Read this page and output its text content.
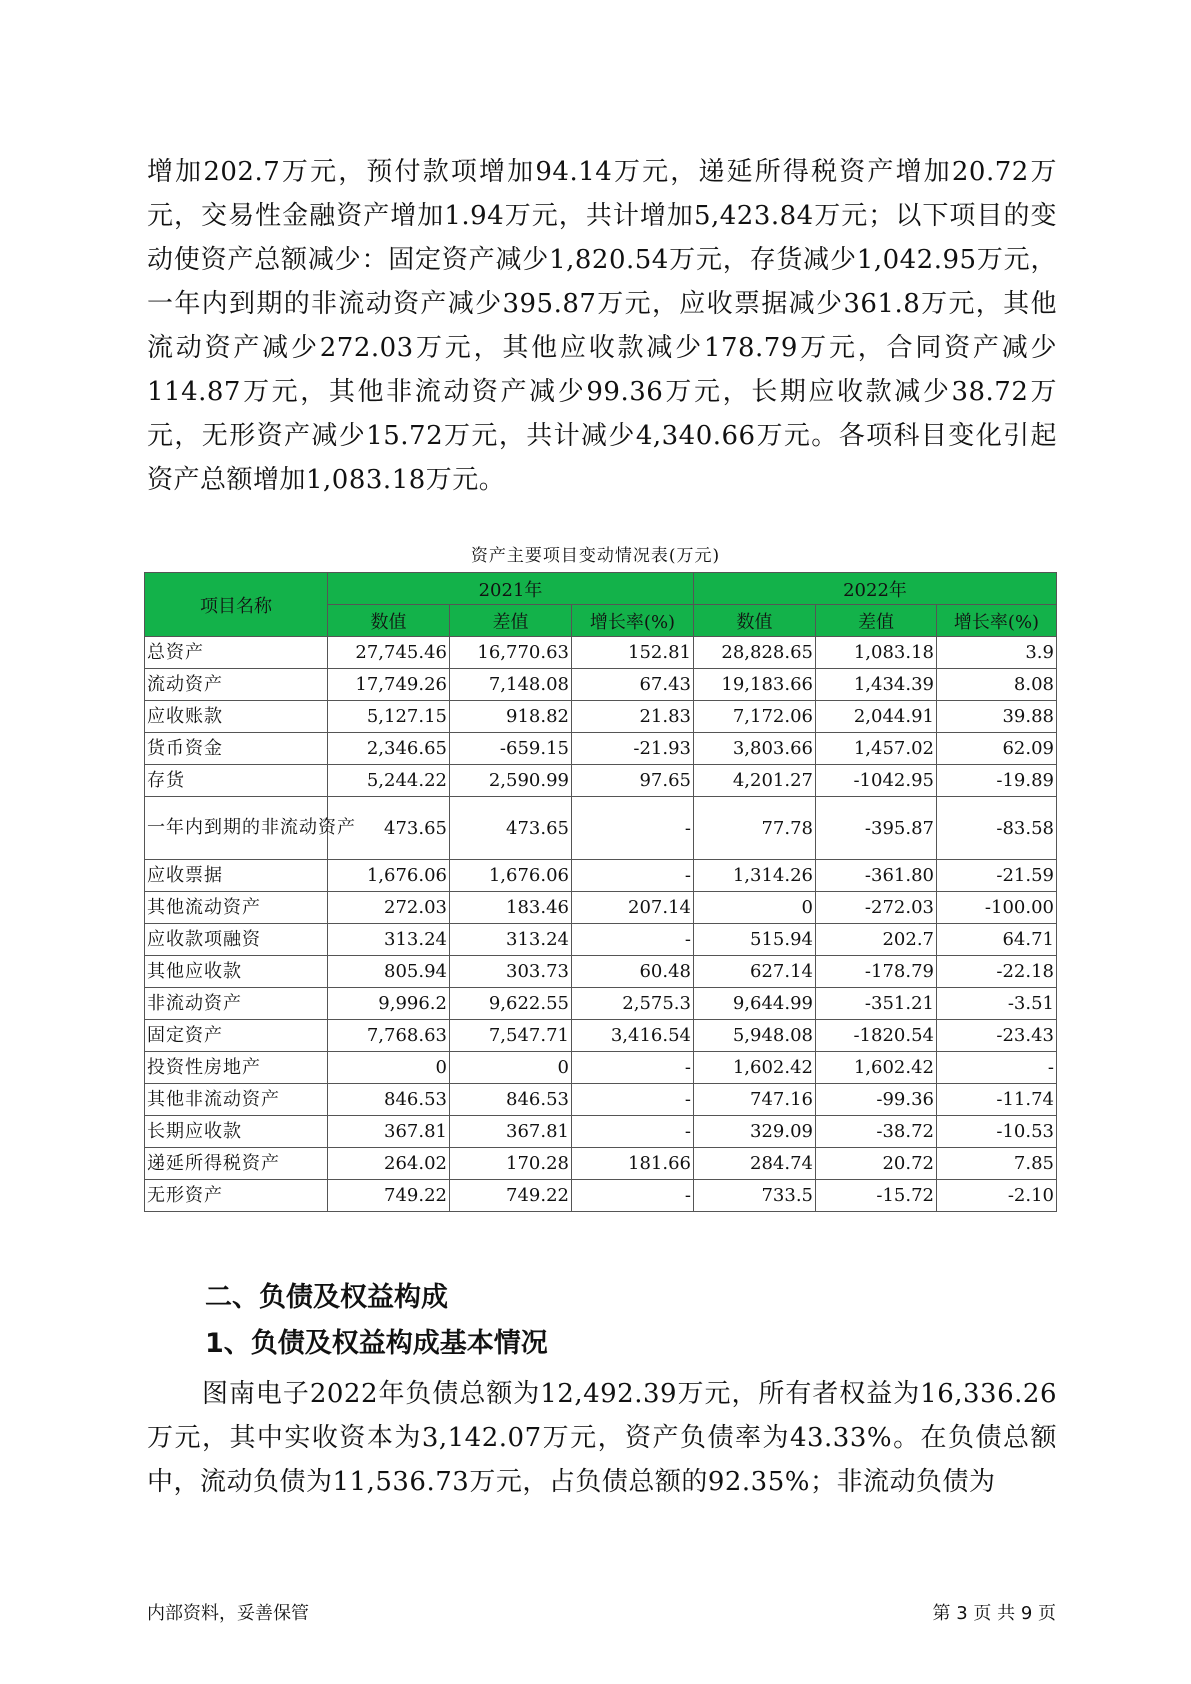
增加202.7万元，预付款项增加94.14万元，递延所得税资产增加20.72万元，交易性金融资产增加1.94万元，共计增加5,423.84万元；以下项目的变动使资产总额减少：固定资产减少1,820.54万元，存货减少1,042.95万元，一年内到期的非流动资产减少395.87万元，应收票据减少361.8万元，其他流动资产减少272.03万元，其他应收款减少178.79万元，合同资产减少114.87万元，其他非流动资产减少99.36万元，长期应收款减少38.72万元，无形资产减少15.72万元，共计减少4,340.66万元。各项科目变化引起资产总额增加1,083.18万元。

资产主要项目变动情况表(万元)
项目名称	2021年			2022年		
	数值	差值	增长率(%)	数值	差值	增长率(%)
总资产	27,745.46	16,770.63	152.81	28,828.65	1,083.18	3.9
流动资产	17,749.26	7,148.08	67.43	19,183.66	1,434.39	8.08
应收账款	5,127.15	918.82	21.83	7,172.06	2,044.91	39.88
货币资金	2,346.65	-659.15	-21.93	3,803.66	1,457.02	62.09
存货	5,244.22	2,590.99	97.65	4,201.27	-1042.95	-19.89
一年内到期的非流动资产	473.65	473.65	-	77.78	-395.87	-83.58
应收票据	1,676.06	1,676.06	-	1,314.26	-361.80	-21.59
其他流动资产	272.03	183.46	207.14	0	-272.03	-100.00
应收款项融资	313.24	313.24	-	515.94	202.7	64.71
其他应收款	805.94	303.73	60.48	627.14	-178.79	-22.18
非流动资产	9,996.2	9,622.55	2,575.3	9,644.99	-351.21	-3.51
固定资产	7,768.63	7,547.71	3,416.54	5,948.08	-1820.54	-23.43
投资性房地产	0	0	-	1,602.42	1,602.42	-
其他非流动资产	846.53	846.53	-	747.16	-99.36	-11.74
长期应收款	367.81	367.81	-	329.09	-38.72	-10.53
递延所得税资产	264.02	170.28	181.66	284.74	20.72	7.85
无形资产	749.22	749.22	-	733.5	-15.72	-2.10
二、负债及权益构成
1、负债及权益构成基本情况

图南电子2022年负债总额为12,492.39万元，所有者权益为16,336.26万元，其中实收资本为3,142.07万元，资产负债率为43.33%。在负债总额中，流动负债为11,536.73万元，占负债总额的92.35%；非流动负债为

内部资料，妥善保管	第 3 页 共 9 页
